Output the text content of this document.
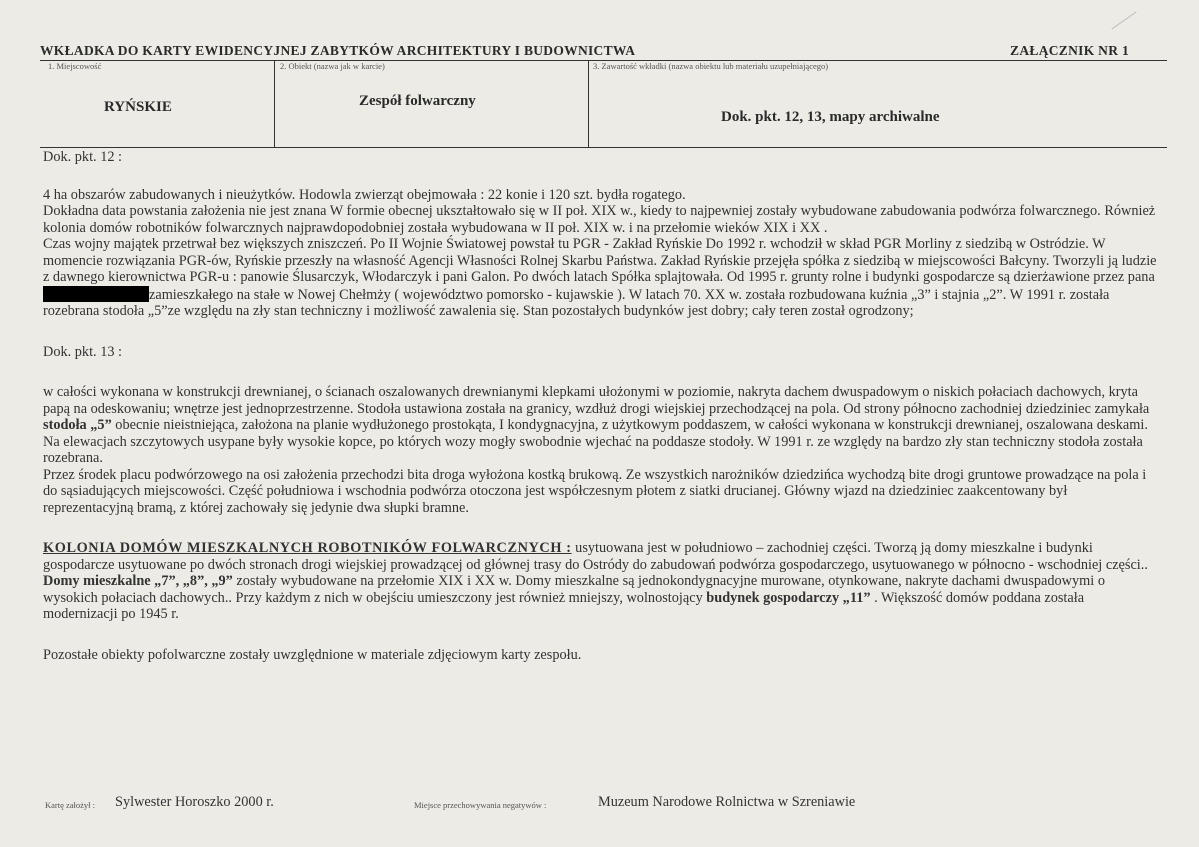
WKŁADKA DO KARTY EWIDENCYJNEJ ZABYTKÓW ARCHITEKTURY I BUDOWNICTWA	ZAŁĄCZNIK NR 1
1. Miejscowość
RYŃSKIE
2. Obiekt (nazwa jak w karcie)
Zespół folwarczny
3. Zawartość wkładki (nazwa obiektu lub materiału uzupełniającego)
Dok. pkt. 12, 13, mapy archiwalne

Dok. pkt. 12 :

4 ha obszarów zabudowanych i nieużytków. Hodowla zwierząt obejmowała : 22 konie i 120 szt. bydła rogatego.

Dokładna data powstania założenia nie jest znana W formie obecnej ukształtowało się w II poł. XIX w., kiedy to najpewniej zostały wybudowane zabudowania podwórza folwarcznego. Również kolonia domów robotników folwarcznych najprawdopodobniej została wybudowana w II poł. XIX w. i na przełomie wieków XIX i XX .

Czas wojny majątek przetrwał bez większych zniszczeń. Po II Wojnie Światowej powstał tu PGR - Zakład Ryńskie Do 1992 r. wchodził w skład PGR Morliny z siedzibą w Ostródzie. W momencie rozwiązania PGR-ów, Ryńskie przeszły na własność Agencji Własności Rolnej Skarbu Państwa. Zakład Ryńskie przejęła spółka z siedzibą w miejscowości Bałcyny. Tworzyli ją ludzie z dawnego kierownictwa PGR-u : panowie Ślusarczyk, Włodarczyk i pani Galon. Po dwóch latach Spółka splajtowała. Od 1995 r. grunty rolne i budynki gospodarcze są dzierżawione przez panazamieszkałego na stałe w Nowej Chełmży ( województwo pomorsko - kujawskie ). W latach 70. XX w. została rozbudowana kuźnia „3” i stajnia „2”. W 1991 r. została rozebrana stodoła „5”ze względu na zły stan techniczny i możliwość zawalenia się. Stan pozostałych budynków jest dobry; cały teren został ogrodzony;

Dok. pkt. 13 :

w całości wykonana w konstrukcji drewnianej, o ścianach oszalowanych drewnianymi klepkami ułożonymi w poziomie, nakryta dachem dwuspadowym o niskich połaciach dachowych, kryta papą na odeskowaniu; wnętrze jest jednoprzestrzenne. Stodoła ustawiona została na granicy, wzdłuż drogi wiejskiej przechodzącej na pola. Od strony północno zachodniej dziedziniec zamykała stodoła „5” obecnie nieistniejąca, założona na planie wydłużonego prostokąta, I kondygnacyjna, z użytkowym poddaszem, w całości wykonana w konstrukcji drewnianej, oszalowana deskami. Na elewacjach szczytowych usypane były wysokie kopce, po których wozy mogły swobodnie wjechać na poddasze stodoły. W 1991 r. ze względy na bardzo zły stan techniczny stodoła została rozebrana.

Przez środek placu podwórzowego na osi założenia przechodzi bita droga wyłożona kostką brukową. Ze wszystkich narożników dziedzińca wychodzą bite drogi gruntowe prowadzące na pola i do sąsiadujących miejscowości. Część południowa i wschodnia podwórza otoczona jest współczesnym płotem z siatki drucianej. Główny wjazd na dziedziniec zaakcentowany był reprezentacyjną bramą, z której zachowały się jedynie dwa słupki bramne.

KOLONIA DOMÓW MIESZKALNYCH ROBOTNIKÓW FOLWARCZNYCH : usytuowana jest w południowo – zachodniej części. Tworzą ją domy mieszkalne i budynki gospodarcze usytuowane po dwóch stronach drogi wiejskiej prowadzącej od głównej trasy do Ostródy do zabudowań podwórza gospodarczego, usytuowanego w północno - wschodniej części.. Domy mieszkalne „7”, „8”, „9” zostały wybudowane na przełomie XIX i XX w. Domy mieszkalne są jednokondygnacyjne murowane, otynkowane, nakryte dachami dwuspadowymi o wysokich połaciach dachowych.. Przy każdym z nich w obejściu umieszczony jest również mniejszy, wolnostojący budynek gospodarczy „11” . Większość domów poddana została modernizacji po 1945 r.

Pozostałe obiekty pofolwarczne zostały uwzględnione w materiale zdjęciowym karty zespołu.

Kartę założył : Sylwester Horoszko 2000 r.	Miejsce przechowywania negatywów :	Muzeum Narodowe Rolnictwa w Szreniawie
